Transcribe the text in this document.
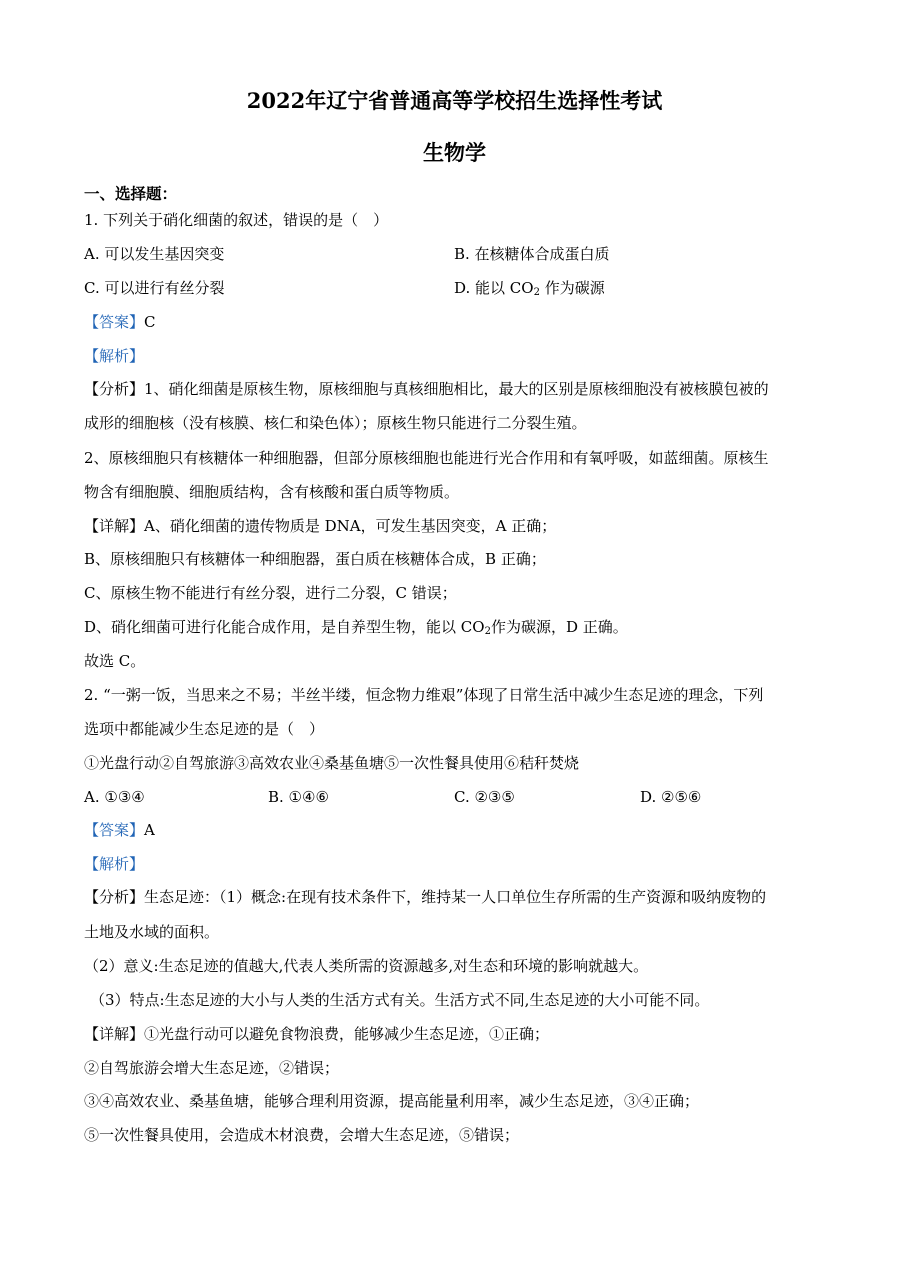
2022年辽宁省普通高等学校招生选择性考试
生物学
一、选择题：
1. 下列关于硝化细菌的叙述，错误的是（　）
A. 可以发生基因突变	B. 在核糖体合成蛋白质
C. 可以进行有丝分裂	D. 能以 $CO_2$ 作为碳源
【答案】C
【解析】
【分析】1、硝化细菌是原核生物，原核细胞与真核细胞相比，最大的区别是原核细胞没有被核膜包被的
成形的细胞核（没有核膜、核仁和染色体）；原核生物只能进行二分裂生殖。
2、原核细胞只有核糖体一种细胞器，但部分原核细胞也能进行光合作用和有氧呼吸，如蓝细菌。原核生
物含有细胞膜、细胞质结构，含有核酸和蛋白质等物质。
【详解】A、硝化细菌的遗传物质是 DNA，可发生基因突变，A 正确；
B、原核细胞只有核糖体一种细胞器，蛋白质在核糖体合成，B 正确；
C、原核生物不能进行有丝分裂，进行二分裂，C 错误；
D、硝化细菌可进行化能合成作用，是自养型生物，能以 $CO_2$作为碳源，D 正确。
故选 C。
2. “一粥一饭，当思来之不易；半丝半缕，恒念物力维艰”体现了日常生活中减少生态足迹的理念，下列
选项中都能减少生态足迹的是（　）
①光盘行动②自驾旅游③高效农业④桑基鱼塘⑤一次性餐具使用⑥秸秆焚烧
A. ①③④	B. ①④⑥	C. ②③⑤	D. ②⑤⑥
【答案】A
【解析】
【分析】生态足迹：（1）概念:在现有技术条件下，维持某一人口单位生存所需的生产资源和吸纳废物的
土地及水域的面积。
（2）意义:生态足迹的值越大,代表人类所需的资源越多,对生态和环境的影响就越大。
（3）特点:生态足迹的大小与人类的生活方式有关。生活方式不同,生态足迹的大小可能不同。
【详解】①光盘行动可以避免食物浪费，能够减少生态足迹，①正确；
②自驾旅游会增大生态足迹，②错误；
③④高效农业、桑基鱼塘，能够合理利用资源，提高能量利用率，减少生态足迹，③④正确；
⑤一次性餐具使用，会造成木材浪费，会增大生态足迹，⑤错误；
